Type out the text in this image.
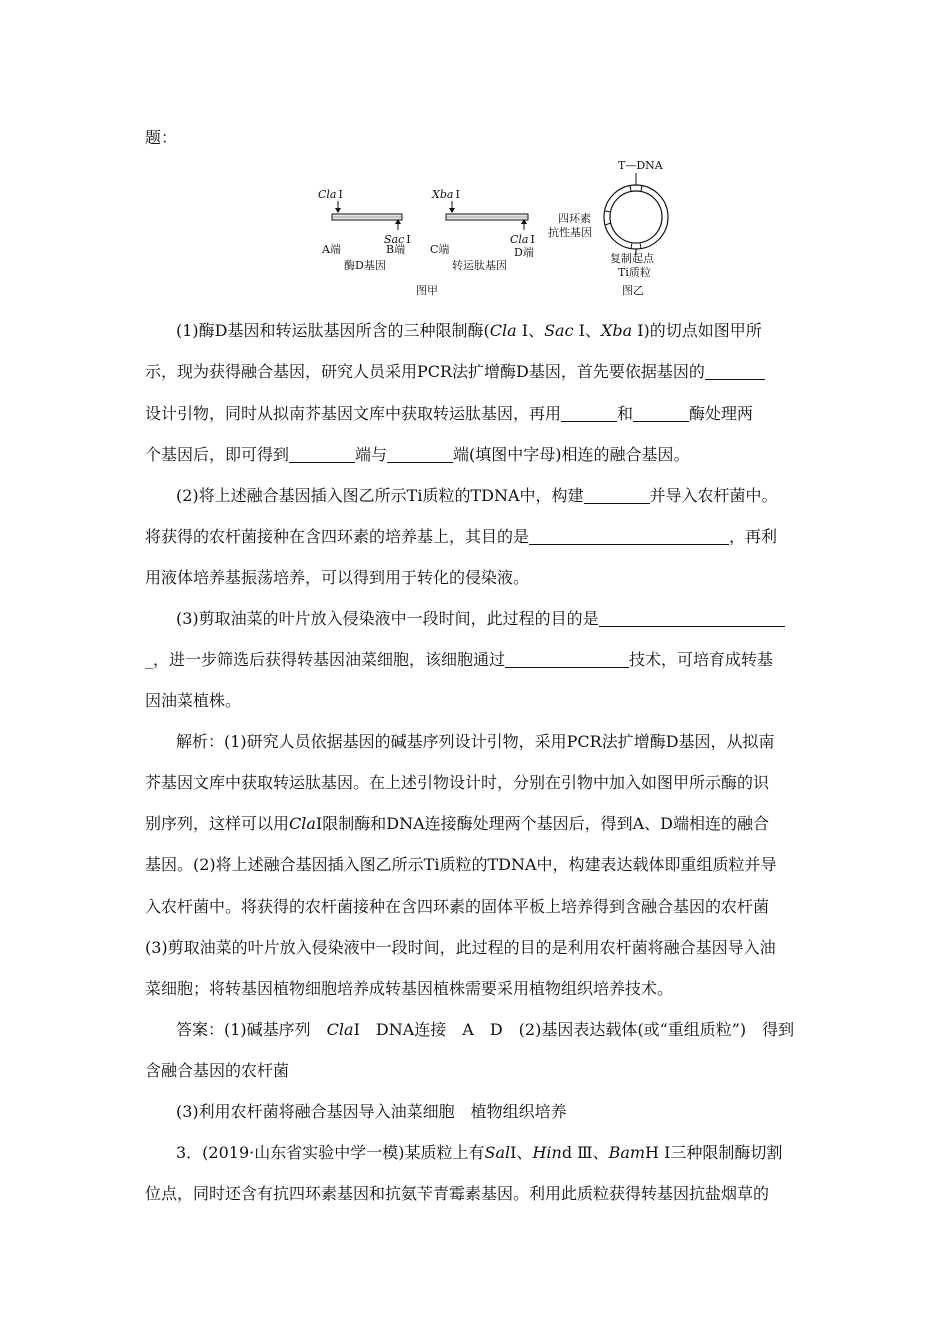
题：
Cla Ⅰ
Sac Ⅰ
A端	B端
酶D基因
Xba Ⅰ
Cla Ⅰ
C端	D端
转运肽基因
图甲
T—DNA
四环素
抗性基因
复制起点
Ti质粒
图乙
(1)酶D基因和转运肽基因所含的三种限制酶(Cla Ⅰ、Sac Ⅰ、Xba Ⅰ)的切点如图甲所
示，现为获得融合基因，研究人员采用PCR法扩增酶D基因，首先要依据基因的
设计引物，同时从拟南芥基因文库中获取转运肽基因，再用	和	酶处理两
个基因后，即可得到	端与	端(填图中字母)相连的融合基因。
(2)将上述融合基因插入图乙所示Ti质粒的TDNA中，构建	并导入农杆菌中。
将获得的农杆菌接种在含四环素的培养基上，其目的是	，再利
用液体培养基振荡培养，可以得到用于转化的侵染液。
(3)剪取油菜的叶片放入侵染液中一段时间，此过程的目的是
_，进一步筛选后获得转基因油菜细胞，该细胞通过	技术，可培育成转基
因油菜植株。
解析：(1)研究人员依据基因的碱基序列设计引物，采用PCR法扩增酶D基因，从拟南
芥基因文库中获取转运肽基因。在上述引物设计时，分别在引物中加入如图甲所示酶的识
别序列，这样可以用ClaⅠ限制酶和DNA连接酶处理两个基因后，得到A、D端相连的融合
基因。(2)将上述融合基因插入图乙所示Ti质粒的TDNA中，构建表达载体即重组质粒并导
入农杆菌中。将获得的农杆菌接种在含四环素的固体平板上培养得到含融合基因的农杆菌
(3)剪取油菜的叶片放入侵染液中一段时间，此过程的目的是利用农杆菌将融合基因导入油
菜细胞；将转基因植物细胞培养成转基因植株需要采用植物组织培养技术。
答案：(1)碱基序列　ClaⅠ　DNA连接　A　D　(2)基因表达载体(或“重组质粒”)　得到
含融合基因的农杆菌
(3)利用农杆菌将融合基因导入油菜细胞　植物组织培养
3．(2019·山东省实验中学一模)某质粒上有SalⅠ、Hind Ⅲ、BamH Ⅰ三种限制酶切割
位点，同时还含有抗四环素基因和抗氨苄青霉素基因。利用此质粒获得转基因抗盐烟草的
